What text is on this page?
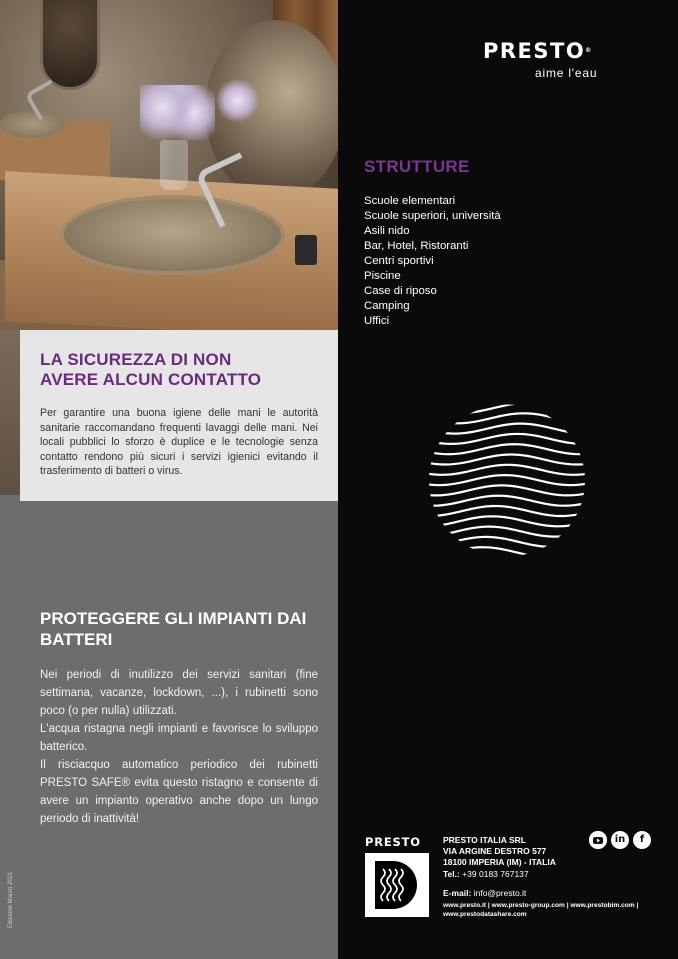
LA SICUREZZA DI NON
AVERE ALCUN CONTATTO

Per garantire una buona igiene delle mani le autorità sanitarie raccomandano frequenti lavaggi delle mani. Nei locali pubblici lo sforzo è duplice e le tecnologie senza contatto rendono più sicuri i servizi igienici evitando il trasferimento di batteri o virus.

PROTEGGERE GLI IMPIANTI DAI BATTERI

Nei periodi di inutilizzo dei servizi sanitari (fine settimana, vacanze, lockdown, ...), i rubinetti sono poco (o per nulla) utilizzati.

L'acqua ristagna negli impianti e favorisce lo sviluppo batterico.

Il risciacquo automatico periodico dei rubinetti PRESTO SAFE® evita questo ristagno e consente di avere un impianto operativo anche dopo un lungo periodo di inattività!

Edizione Marzo 2021
PRESTO®
aime l'eau
STRUTTURE
Scuole elementari
Scuole superiori, università
Asili nido
Bar, Hotel, Ristoranti
Centri sportivi
Piscine
Case di riposo
Camping
Uffici
PRESTO	PRESTO ITALIA SRL
VIA ARGINE DESTRO 577
18100 IMPERIA (IM) - ITALIA
Tel.: +39 0183 767137
E-mail: info@presto.it
www.presto.it | www.presto-group.com | www.prestobim.com | www.prestodatashare.com
in	f
